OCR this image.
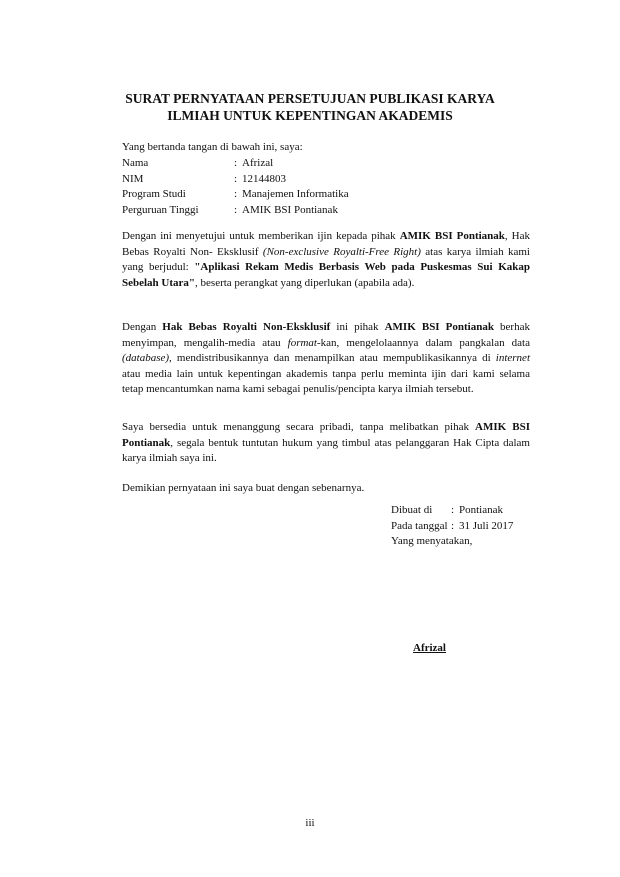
SURAT PERNYATAAN PERSETUJUAN PUBLIKASI KARYA
ILMIAH UNTUK KEPENTINGAN AKADEMIS
Yang bertanda tangan di bawah ini, saya:
Nama	:	Afrizal
NIM	:	12144803
Program Studi	:	Manajemen Informatika
Perguruan Tinggi	:	AMIK BSI Pontianak
Dengan ini menyetujui untuk memberikan ijin kepada pihak AMIK BSI Pontianak, Hak Bebas Royalti Non- Eksklusif (Non-exclusive Royalti-Free Right) atas karya ilmiah kami yang berjudul: "Aplikasi Rekam Medis Berbasis Web pada Puskesmas Sui Kakap Sebelah Utara", beserta perangkat yang diperlukan (apabila ada).
Dengan Hak Bebas Royalti Non-Eksklusif ini pihak AMIK BSI Pontianak berhak menyimpan, mengalih-media atau format-kan, mengelolaannya dalam pangkalan data (database), mendistribusikannya dan menampilkan atau mempublikasikannya di internet atau media lain untuk kepentingan akademis tanpa perlu meminta ijin dari kami selama tetap mencantumkan nama kami sebagai penulis/pencipta karya ilmiah tersebut.
Saya bersedia untuk menanggung secara pribadi, tanpa melibatkan pihak AMIK BSI Pontianak, segala bentuk tuntutan hukum yang timbul atas pelanggaran Hak Cipta dalam karya ilmiah saya ini.
Demikian pernyataan ini saya buat dengan sebenarnya.
Dibuat di	:	Pontianak
Pada tanggal	:	31 Juli 2017
Yang menyatakan,		
Afrizal
iii
